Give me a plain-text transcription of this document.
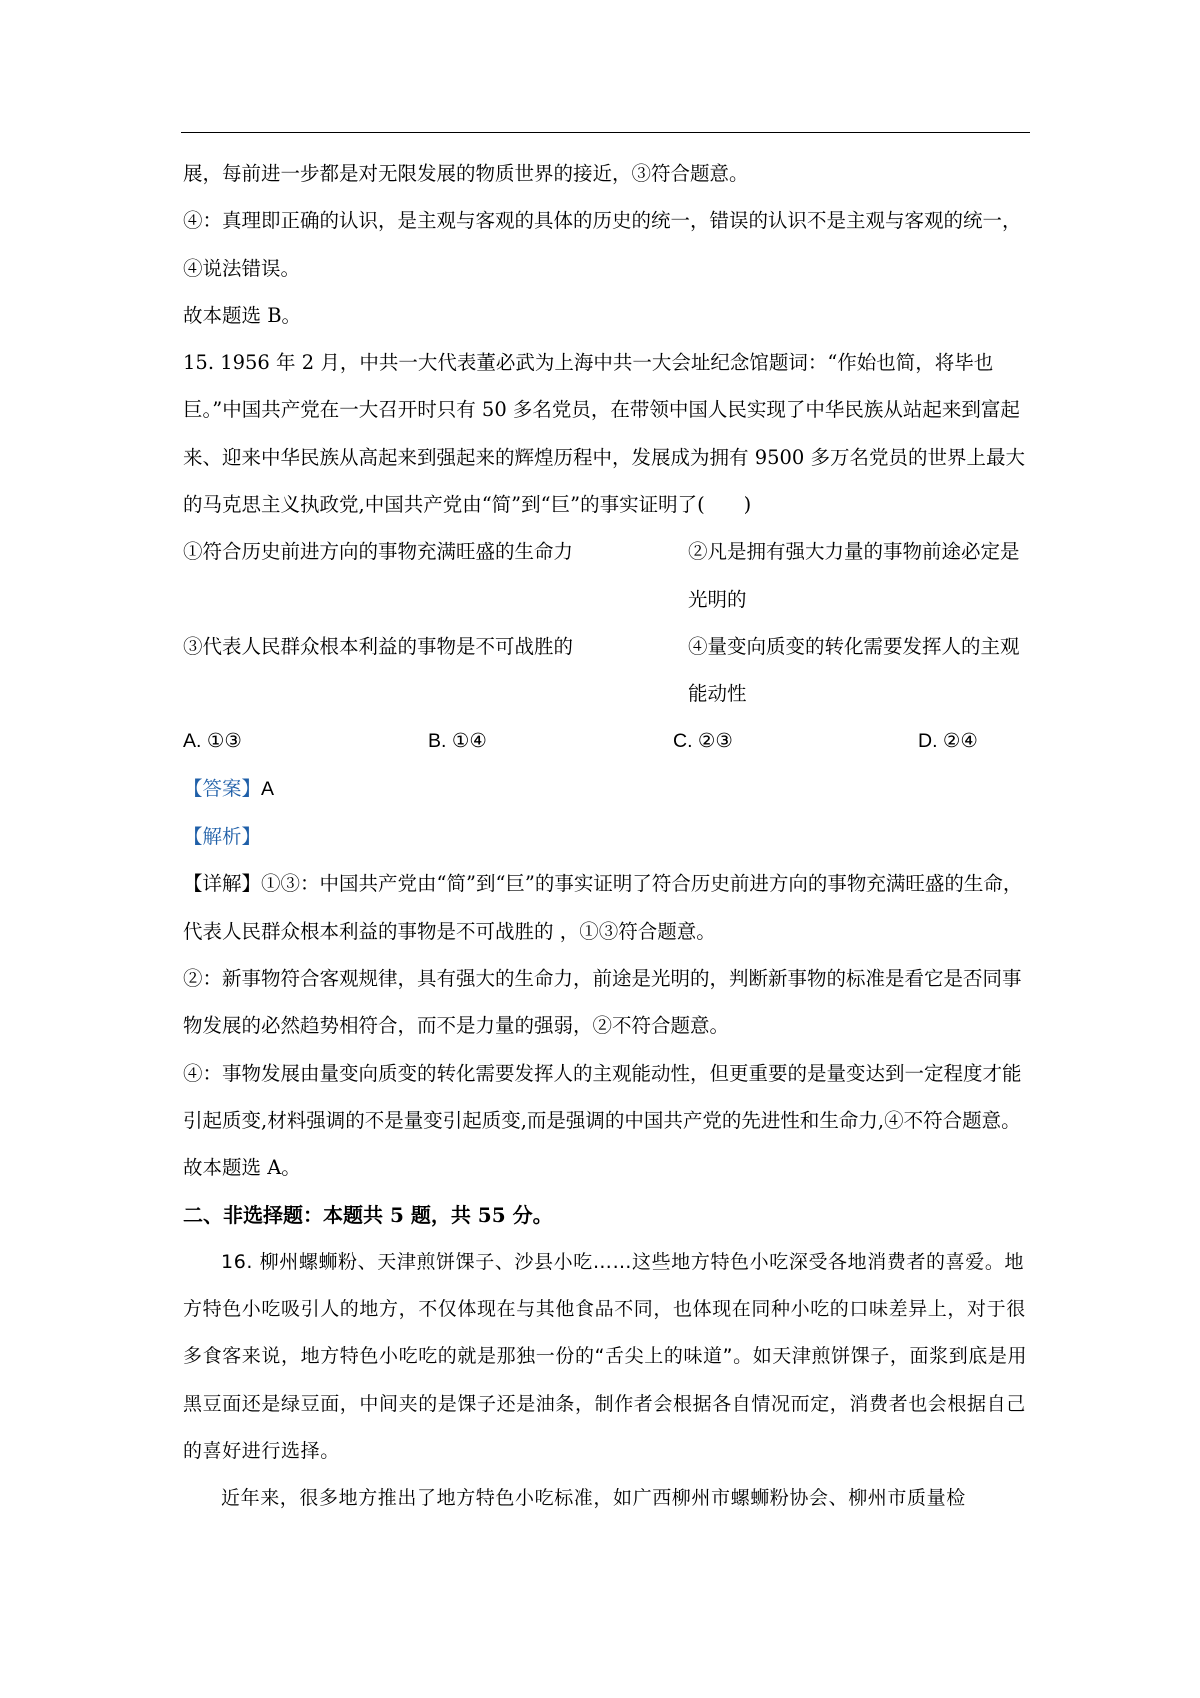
展，每前进一步都是对无限发展的物质世界的接近，③符合题意。

④：真理即正确的认识，是主观与客观的具体的历史的统一，错误的认识不是主观与客观的统一，④说法错误。

故本题选 B。

15. 1956 年 2 月，中共一大代表董必武为上海中共一大会址纪念馆题词：“作始也简，将毕也巨。”中国共产党在一大召开时只有 50 多名党员，在带领中国人民实现了中华民族从站起来到富起来、迎来中华民族从高起来到强起来的辉煌历程中，发展成为拥有 9500 多万名党员的世界上最大的马克思主义执政党,中国共产党由“简”到“巨”的事实证明了(　　)

①符合历史前进方向的事物充满旺盛的生命力	②凡是拥有强大力量的事物前途必定是光明的
③代表人民群众根本利益的事物是不可战胜的	④量变向质变的转化需要发挥人的主观能动性
A. ①③	B. ①④	C. ②③	D. ②④

【答案】A

【解析】

【详解】①③：中国共产党由“简”到“巨”的事实证明了符合历史前进方向的事物充满旺盛的生命，代表人民群众根本利益的事物是不可战胜的 ，①③符合题意。

②：新事物符合客观规律，具有强大的生命力，前途是光明的，判断新事物的标准是看它是否同事物发展的必然趋势相符合，而不是力量的强弱，②不符合题意。

④：事物发展由量变向质变的转化需要发挥人的主观能动性，但更重要的是量变达到一定程度才能引起质变,材料强调的不是量变引起质变,而是强调的中国共产党的先进性和生命力,④不符合题意。

故本题选 A。

二、非选择题：本题共 5 题，共 55 分。

16. 柳州螺蛳粉、天津煎饼馃子、沙县小吃……这些地方特色小吃深受各地消费者的喜爱。地方特色小吃吸引人的地方，不仅体现在与其他食品不同，也体现在同种小吃的口味差异上，对于很多食客来说，地方特色小吃吃的就是那独一份的“舌尖上的味道”。如天津煎饼馃子，面浆到底是用黑豆面还是绿豆面，中间夹的是馃子还是油条，制作者会根据各自情况而定，消费者也会根据自己的喜好进行选择。

近年来，很多地方推出了地方特色小吃标准，如广西柳州市螺蛳粉协会、柳州市质量检
